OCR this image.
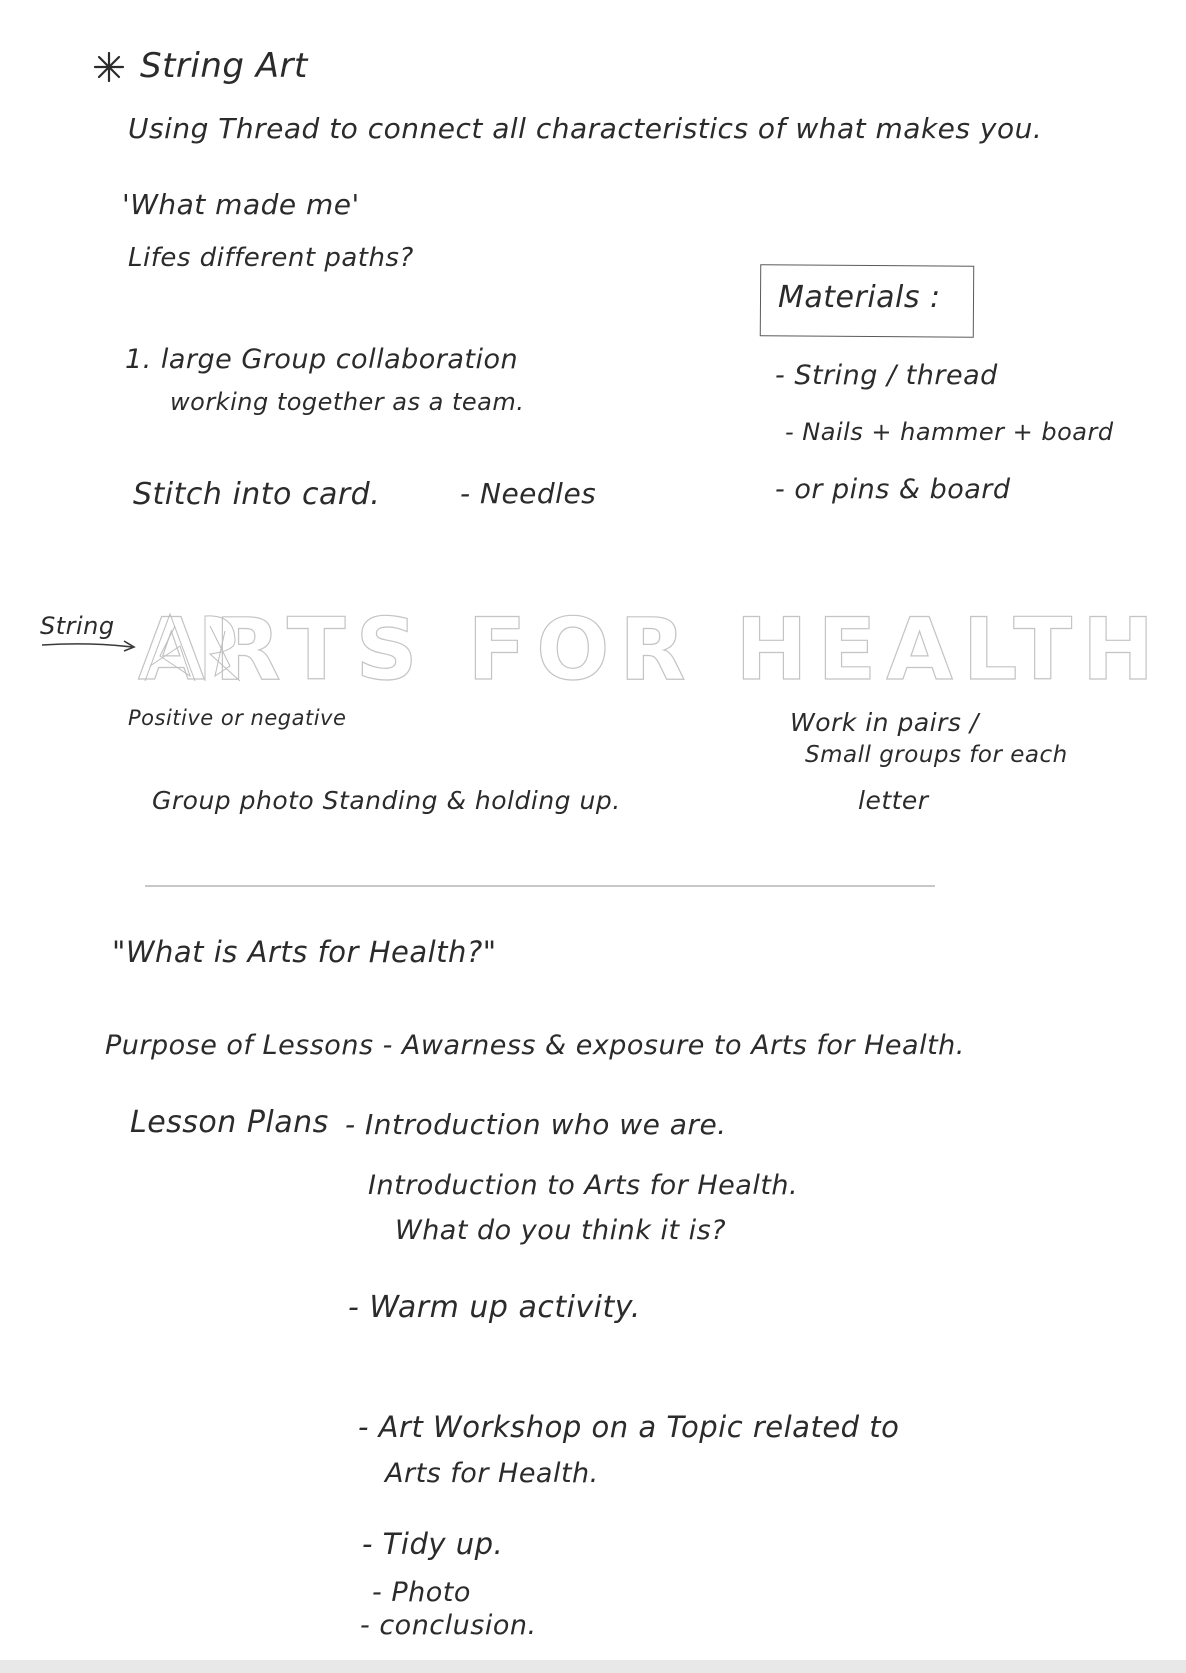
String Art
Using Thread to connect all characteristics of what makes you.
'What made me'
Lifes different paths?
Materials :
1. large Group collaboration
working together as a team.
- String / thread
- Nails + hammer + board
- or pins & board
Stitch into card.	- Needles
String ARTS FOR HEALTH
Positive or negative
Group photo Standing & holding up.
Work in pairs /
Small groups for each
letter
"What is Arts for Health?"
Purpose of Lessons - Awarness & exposure to Arts for Health.
Lesson Plans - Introduction who we are.
Introduction to Arts for Health.
What do you think it is?
- Warm up activity.
- Art Workshop on a Topic related to
Arts for Health.
- Tidy up.
- Photo
- conclusion.
